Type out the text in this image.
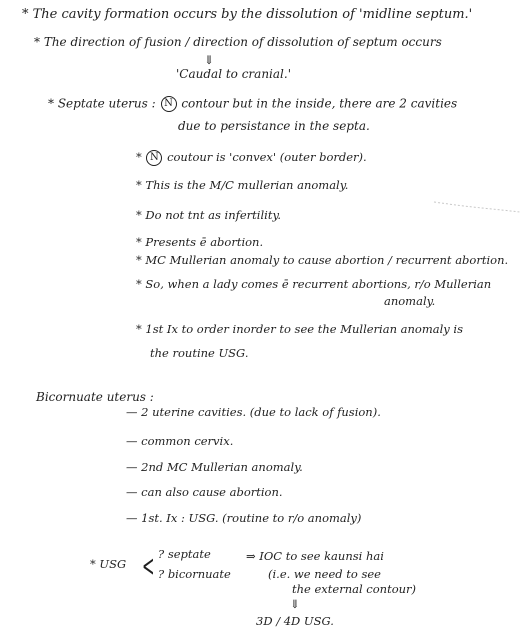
* The cavity formation occurs by the dissolution of 'midline septum.'
* The direction of fusion / direction of dissolution of septum occurs
⇓
'Caudal to cranial.'
* Septate uterus : N contour but in the inside, there are 2 cavities
due to persistance in the septa.
* N coutour is 'convex' (outer border).
* This is the M/C mullerian anomaly.
* Do not tnt as infertility.
* Presents ē abortion.
* MC Mullerian anomaly to cause abortion / recurrent abortion.
* So, when a lady comes ē recurrent abortions, r/o Mullerian
anomaly.
* 1st Ix to order inorder to see the Mullerian anomaly is
the routine USG.
Bicornuate uterus :
— 2 uterine cavities. (due to lack of fusion).
— common cervix.
— 2nd MC Mullerian anomaly.
— can also cause abortion.
— 1st. Ix : USG. (routine to r/o anomaly)
* USG < ? septate
? bicornuate
⇒ IOC to see kaunsi hai
(i.e. we need to see
the external contour)
⇓
3D / 4D USG.
